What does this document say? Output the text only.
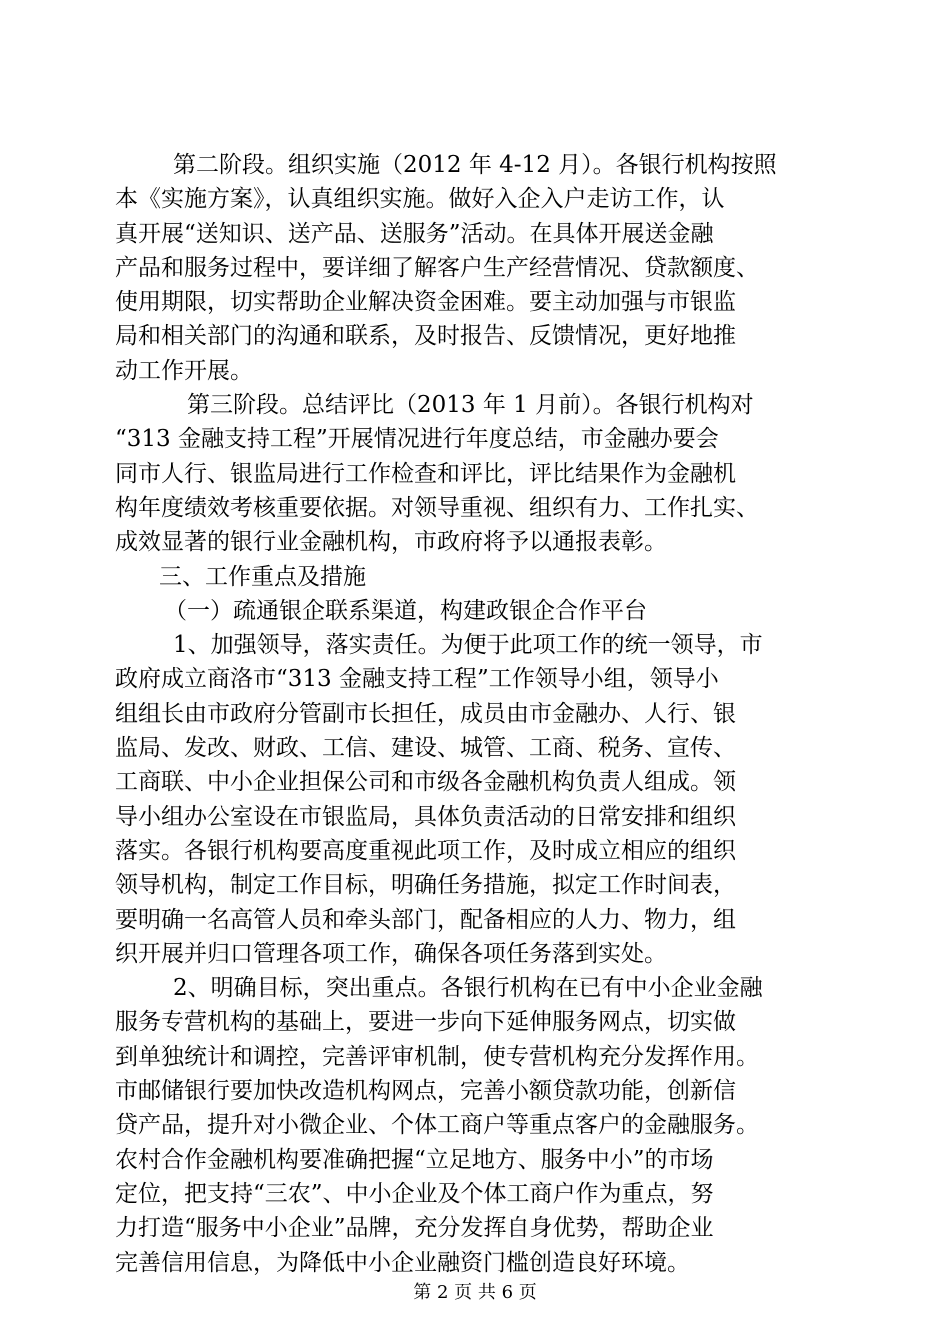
第二阶段。组织实施（2012 年 4-12 月）。各银行机构按照
本《实施方案》，认真组织实施。做好入企入户走访工作，认
真开展“送知识、送产品、送服务”活动。在具体开展送金融
产品和服务过程中，要详细了解客户生产经营情况、贷款额度、
使用期限，切实帮助企业解决资金困难。要主动加强与市银监
局和相关部门的沟通和联系，及时报告、反馈情况，更好地推
动工作开展。
第三阶段。总结评比（2013 年 1 月前）。各银行机构对
“313 金融支持工程”开展情况进行年度总结，市金融办要会
同市人行、银监局进行工作检查和评比，评比结果作为金融机
构年度绩效考核重要依据。对领导重视、组织有力、工作扎实、
成效显著的银行业金融机构，市政府将予以通报表彰。
三、工作重点及措施
（一）疏通银企联系渠道，构建政银企合作平台
1、加强领导，落实责任。为便于此项工作的统一领导，市
政府成立商洛市“313 金融支持工程”工作领导小组，领导小
组组长由市政府分管副市长担任，成员由市金融办、人行、银
监局、发改、财政、工信、建设、城管、工商、税务、宣传、
工商联、中小企业担保公司和市级各金融机构负责人组成。领
导小组办公室设在市银监局，具体负责活动的日常安排和组织
落实。各银行机构要高度重视此项工作，及时成立相应的组织
领导机构，制定工作目标，明确任务措施，拟定工作时间表，
要明确一名高管人员和牵头部门，配备相应的人力、物力，组
织开展并归口管理各项工作，确保各项任务落到实处。
2、明确目标，突出重点。各银行机构在已有中小企业金融
服务专营机构的基础上，要进一步向下延伸服务网点，切实做
到单独统计和调控，完善评审机制，使专营机构充分发挥作用。
市邮储银行要加快改造机构网点，完善小额贷款功能，创新信
贷产品，提升对小微企业、个体工商户等重点客户的金融服务。
农村合作金融机构要准确把握“立足地方、服务中小”的市场
定位，把支持“三农”、中小企业及个体工商户作为重点，努
力打造“服务中小企业”品牌，充分发挥自身优势，帮助企业
完善信用信息，为降低中小企业融资门槛创造良好环境。
第 2 页 共 6 页
